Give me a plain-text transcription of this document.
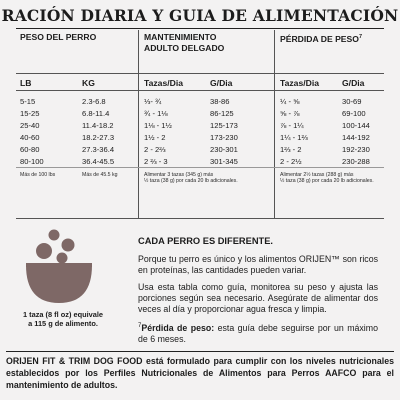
RACIÓN DIARIA Y GUIA DE ALIMENTACIÓN
PESO DEL PERRO	MANTENIMIENTO
ADULTO DELGADO
PÉRDIDA DE PESO$^7$
LB	KG	Tazas/Dia	G/Dia	Tazas/Dia	G/Dia
5-15	2.3-6.8	⅓- ¾	38-86	¼ - ⅝	30-69
15-25	6.8-11.4	¾ - 1⅛	86-125	⅝ - ⅞	69-100
25-40	11.4-18.2	1⅛ - 1½	125-173	⅞ - 1¼	100-144
40-60	18.2-27.3	1½ - 2	173-230	1¼ - 1⅔	144-192
60-80	27.3-36.4	2 - 2⅔	230-301	1⅔ - 2	192-230
80-100	36.4-45.5	2 ⅔ - 3	301-345	2 - 2½	230-288
Más de 100 lbs	Más de 45.5 kg	Alimentar 3 tazas (345 g) más
½ taza (38 g) por cada 20 lb adicionales.
Alimentar 2½ tazas (288 g) más
½ taza (38 g) por cada 20 lb adicionales.
CADA PERRO ES DIFERENTE.
Porque tu perro es único y los alimentos ORIJEN™ son ricos en proteínas, las cantidades pueden variar.
Usa esta tabla como guía, monitorea su peso y ajusta las porciones según sea necesario. Asegúrate de alimentar dos veces al día y proporcionar agua fresca y limpia.
$^7$Pérdida de peso: esta guía debe seguirse por un máximo de 6 meses.
1 taza (8 fl oz) equivale
a 115 g de alimento.
ORIJEN FIT & TRIM DOG FOOD está formulado para cumplir con los niveles nutricionales establecidos por los Perfiles Nutricionales de Alimentos para Perros AAFCO para el mantenimiento de adultos.
